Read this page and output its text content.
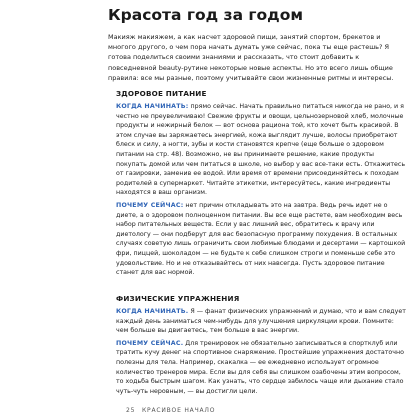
Красота год за годом

Макияж макияжем, а как насчет здоровой пищи, занятий спортом, брекетов и многого другого, о чем пора начать думать уже сейчас, пока ты еще растешь? Я готова поделиться своими знаниями и рассказать, что стоит добавить к повседневной beauty-рутине некоторые новые аспекты. Но это всего лишь общие правила: все мы разные, поэтому учитывайте свои жизненные ритмы и интересы.

ЗДОРОВОЕ ПИТАНИЕ

КОГДА НАЧИНАТЬ: прямо сейчас. Начать правильно питаться никогда не рано, и я честно не преувеличиваю! Свежие фрукты и овощи, цельнозерновой хлеб, молочные продукты и нежирный белок — вот основа рациона той, кто хочет быть красивой. В этом случае вы заряжаетесь энергией, кожа выглядит лучше, волосы приобретают блеск и силу, а ногти, зубы и кости становятся крепче (еще больше о здоровом питании на стр. 48). Возможно, не вы принимаете решение, какие продукты покупать домой или чем питаться в школе, но выбор у вас все-таки есть. Откажитесь от газировки, заменив ее водой. Или время от времени присоединяйтесь к походам родителей в супермаркет. Читайте этикетки, интересуйтесь, какие ингредиенты находятся в ваш организм.

ПОЧЕМУ СЕЙЧАС: нет причин откладывать это на завтра. Ведь речь идет не о диете, а о здоровом полноценном питании. Вы все еще растете, вам необходим весь набор питательных веществ. Если у вас лишний вес, обратитесь к врачу или диетологу — они подберут для вас безопасную программу похудения. В остальных случаях советую лишь ограничить свои любимые блюдами и десертами — картошкой фри, пиццей, шоколадом — не будьте к себе слишком строги и поменьше себе это удовольствие. Но и не отказывайтесь от них навсегда. Пусть здоровое питание станет для вас нормой.

ФИЗИЧЕСКИЕ УПРАЖНЕНИЯ

КОГДА НАЧИНАТЬ. Я — фанат физических упражнений и думаю, что и вам следует каждый день заниматься чем-нибудь для улучшения циркуляции крови. Помните: чем больше вы двигаетесь, тем больше в вас энергии.

ПОЧЕМУ СЕЙЧАС. Для тренировок не обязательно записываться в спортклуб или тратить кучу денег на спортивное снаряжение. Простейшие упражнения достаточно полезны для тела. Например, скакалка — ее ежедневно использует огромное количество тренеров мира. Если вы для себя вы слишком озабочены этим вопросом, то ходьба быстрым шагом. Как узнать, что сердце забилось чаще или дыхание стало чуть-чуть неровным, — вы достигли цели.

25 КРАСИВОЕ НАЧАЛО
